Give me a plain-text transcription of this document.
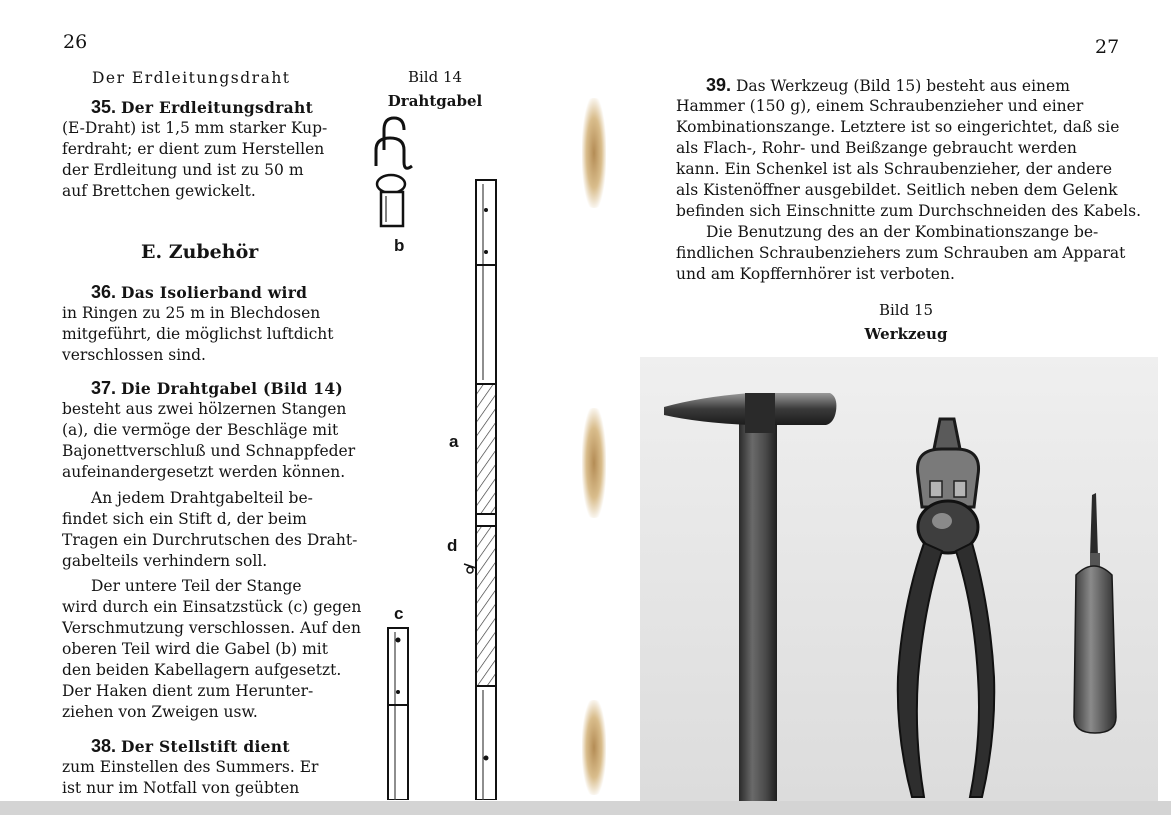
26
Der Erdleitungsdraht
35. Der Erdleitungsdraht
(E-Draht) ist 1,5 mm starker Kup-
ferdraht; er dient zum Herstellen
der Erdleitung und ist zu 50 m
auf Brettchen gewickelt.
E. Zubehör
36. Das Isolierband wird
in Ringen zu 25 m in Blechdosen
mitgeführt, die möglichst luftdicht
verschlossen sind.
37. Die Drahtgabel (Bild 14)
besteht aus zwei hölzernen Stangen
(a), die vermöge der Beschläge mit
Bajonettverschluß und Schnappfeder
aufeinandergesetzt werden können.
An jedem Drahtgabelteil be-
findet sich ein Stift d, der beim
Tragen ein Durchrutschen des Draht-
gabelteils verhindern soll.
Der untere Teil der Stange
wird durch ein Einsatzstück (c) gegen
Verschmutzung verschlossen. Auf den
oberen Teil wird die Gabel (b) mit
den beiden Kabellagern aufgesetzt.
Der Haken dient zum Herunter-
ziehen von Zweigen usw.
38. Der Stellstift dient
zum Einstellen des Summers. Er
ist nur im Notfall von geübten
Bild 14
Drahtgabel
b
a
d
c
27
39. Das Werkzeug (Bild 15) besteht aus einem
Hammer (150 g), einem Schraubenzieher und einer
Kombinationszange. Letztere ist so eingerichtet, daß sie
als Flach-, Rohr- und Beißzange gebraucht werden
kann. Ein Schenkel ist als Schraubenzieher, der andere
als Kistenöffner ausgebildet. Seitlich neben dem Gelenk
befinden sich Einschnitte zum Durchschneiden des Kabels.
Die Benutzung des an der Kombinationszange be-
findlichen Schraubenziehers zum Schrauben am Apparat
und am Kopffernhörer ist verboten.
Bild 15
Werkzeug
